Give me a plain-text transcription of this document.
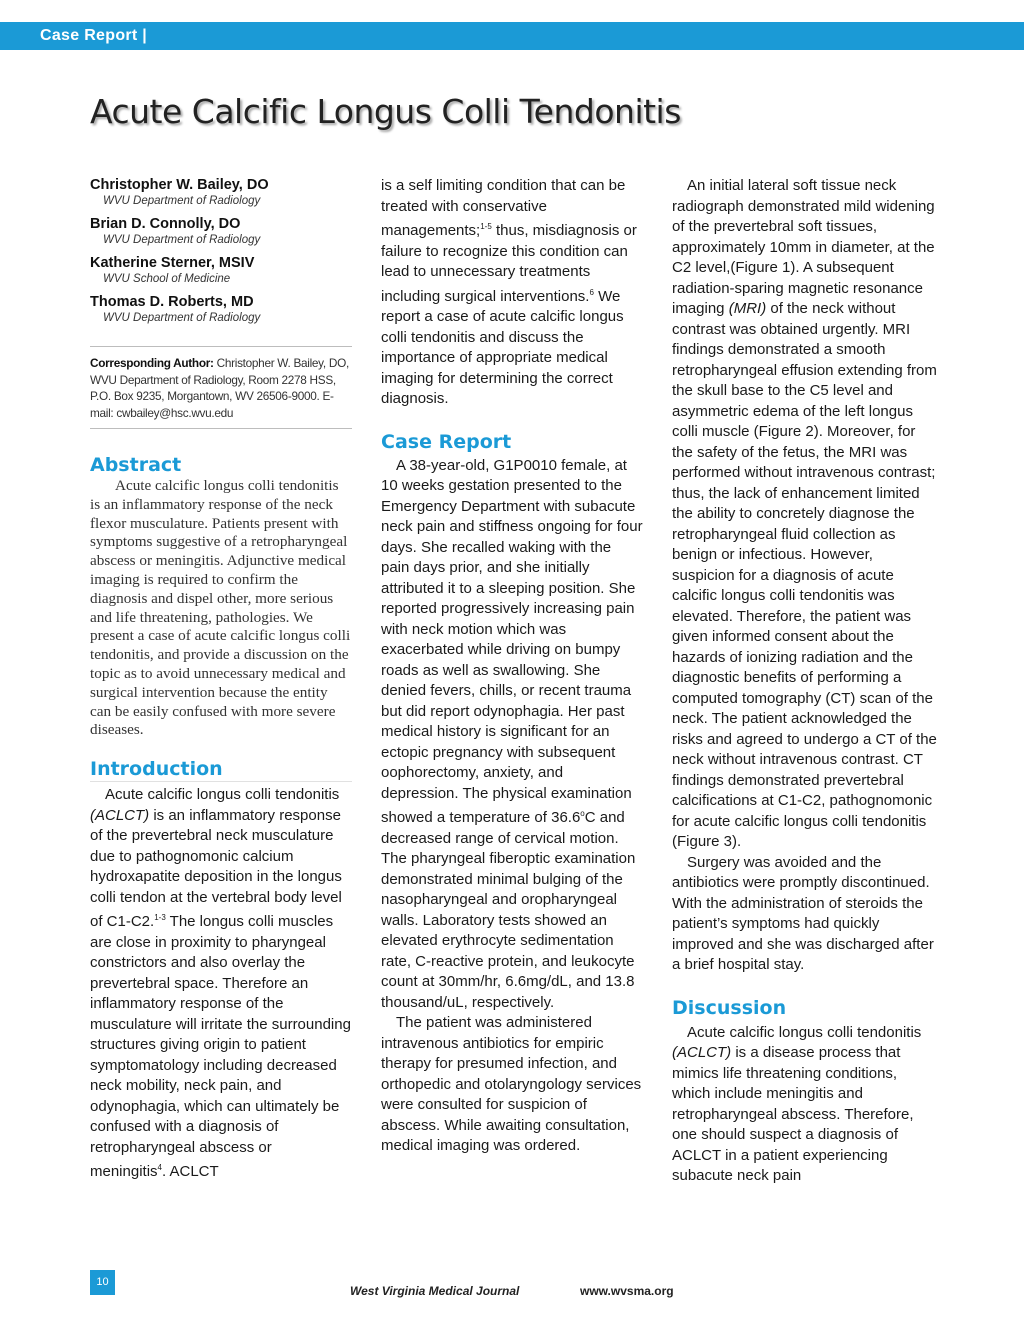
Case Report |
Acute Calcific Longus Colli Tendonitis
Christopher W. Bailey, DO
WVU Department of Radiology
Brian D. Connolly, DO
WVU Department of Radiology
Katherine Sterner, MSIV
WVU School of Medicine
Thomas D. Roberts, MD
WVU Department of Radiology
Corresponding Author: Christopher W. Bailey, DO, WVU Department of Radiology, Room 2278 HSS, P.O. Box 9235, Morgantown, WV 26506-9000. E-mail: cwbailey@hsc.wvu.edu
Abstract

Acute calcific longus colli tendonitis is an inflammatory response of the neck flexor musculature. Patients present with symptoms suggestive of a retropharyngeal abscess or meningitis. Adjunctive medical imaging is required to confirm the diagnosis and dispel other, more serious and life threatening, pathologies. We present a case of acute calcific longus colli tendonitis, and provide a discussion on the topic as to avoid unnecessary medical and surgical intervention because the entity can be easily confused with more severe diseases.

Introduction

Acute calcific longus colli tendonitis (ACLCT) is an inflammatory response of the prevertebral neck musculature due to pathognomonic calcium hydroxapatite deposition in the longus colli tendon at the vertebral body level of C1-C2.$^{1-3}$ The longus colli muscles are close in proximity to pharyngeal constrictors and also overlay the prevertebral space. Therefore an inflammatory response of the musculature will irritate the surrounding structures giving origin to patient symptomatology including decreased neck mobility, neck pain, and odynophagia, which can ultimately be confused with a diagnosis of retropharyngeal abscess or meningitis$^4$. ACLCT

is a self limiting condition that can be treated with conservative managements;$^{1-5}$ thus, misdiagnosis or failure to recognize this condition can lead to unnecessary treatments including surgical interventions.$^6$ We report a case of acute calcific longus colli tendonitis and discuss the importance of appropriate medical imaging for determining the correct diagnosis.

Case Report

A 38-year-old, G1P0010 female, at 10 weeks gestation presented to the Emergency Department with subacute neck pain and stiffness ongoing for four days. She recalled waking with the pain days prior, and she initially attributed it to a sleeping position. She reported progressively increasing pain with neck motion which was exacerbated while driving on bumpy roads as well as swallowing. She denied fevers, chills, or recent trauma but did report odynophagia. Her past medical history is significant for an ectopic pregnancy with subsequent oophorectomy, anxiety, and depression. The physical examination showed a temperature of 36.6$^o$C and decreased range of cervical motion. The pharyngeal fiberoptic examination demonstrated minimal bulging of the nasopharyngeal and oropharyngeal walls. Laboratory tests showed an elevated erythrocyte sedimentation rate, C-reactive protein, and leukocyte count at 30mm/hr, 6.6mg/dL, and 13.8 thousand/uL, respectively.

The patient was administered intravenous antibiotics for empiric therapy for presumed infection, and orthopedic and otolaryngology services were consulted for suspicion of abscess. While awaiting consultation, medical imaging was ordered.

An initial lateral soft tissue neck radiograph demonstrated mild widening of the prevertebral soft tissues, approximately 10mm in diameter, at the C2 level,(Figure 1). A subsequent radiation-sparing magnetic resonance imaging (MRI) of the neck without contrast was obtained urgently. MRI findings demonstrated a smooth retropharyngeal effusion extending from the skull base to the C5 level and asymmetric edema of the left longus colli muscle (Figure 2). Moreover, for the safety of the fetus, the MRI was performed without intravenous contrast; thus, the lack of enhancement limited the ability to concretely diagnose the retropharyngeal fluid collection as benign or infectious. However, suspicion for a diagnosis of acute calcific longus colli tendonitis was elevated. Therefore, the patient was given informed consent about the hazards of ionizing radiation and the diagnostic benefits of performing a computed tomography (CT) scan of the neck. The patient acknowledged the risks and agreed to undergo a CT of the neck without intravenous contrast. CT findings demonstrated prevertebral calcifications at C1-C2, pathognomonic for acute calcific longus colli tendonitis (Figure 3).

Surgery was avoided and the antibiotics were promptly discontinued. With the administration of steroids the patient’s symptoms had quickly improved and she was discharged after a brief hospital stay.

Discussion

Acute calcific longus colli tendonitis (ACLCT) is a disease process that mimics life threatening conditions, which include meningitis and retropharyngeal abscess. Therefore, one should suspect a diagnosis of ACLCT in a patient experiencing subacute neck pain

10
West Virginia Medical Journal	www.wvsma.org
